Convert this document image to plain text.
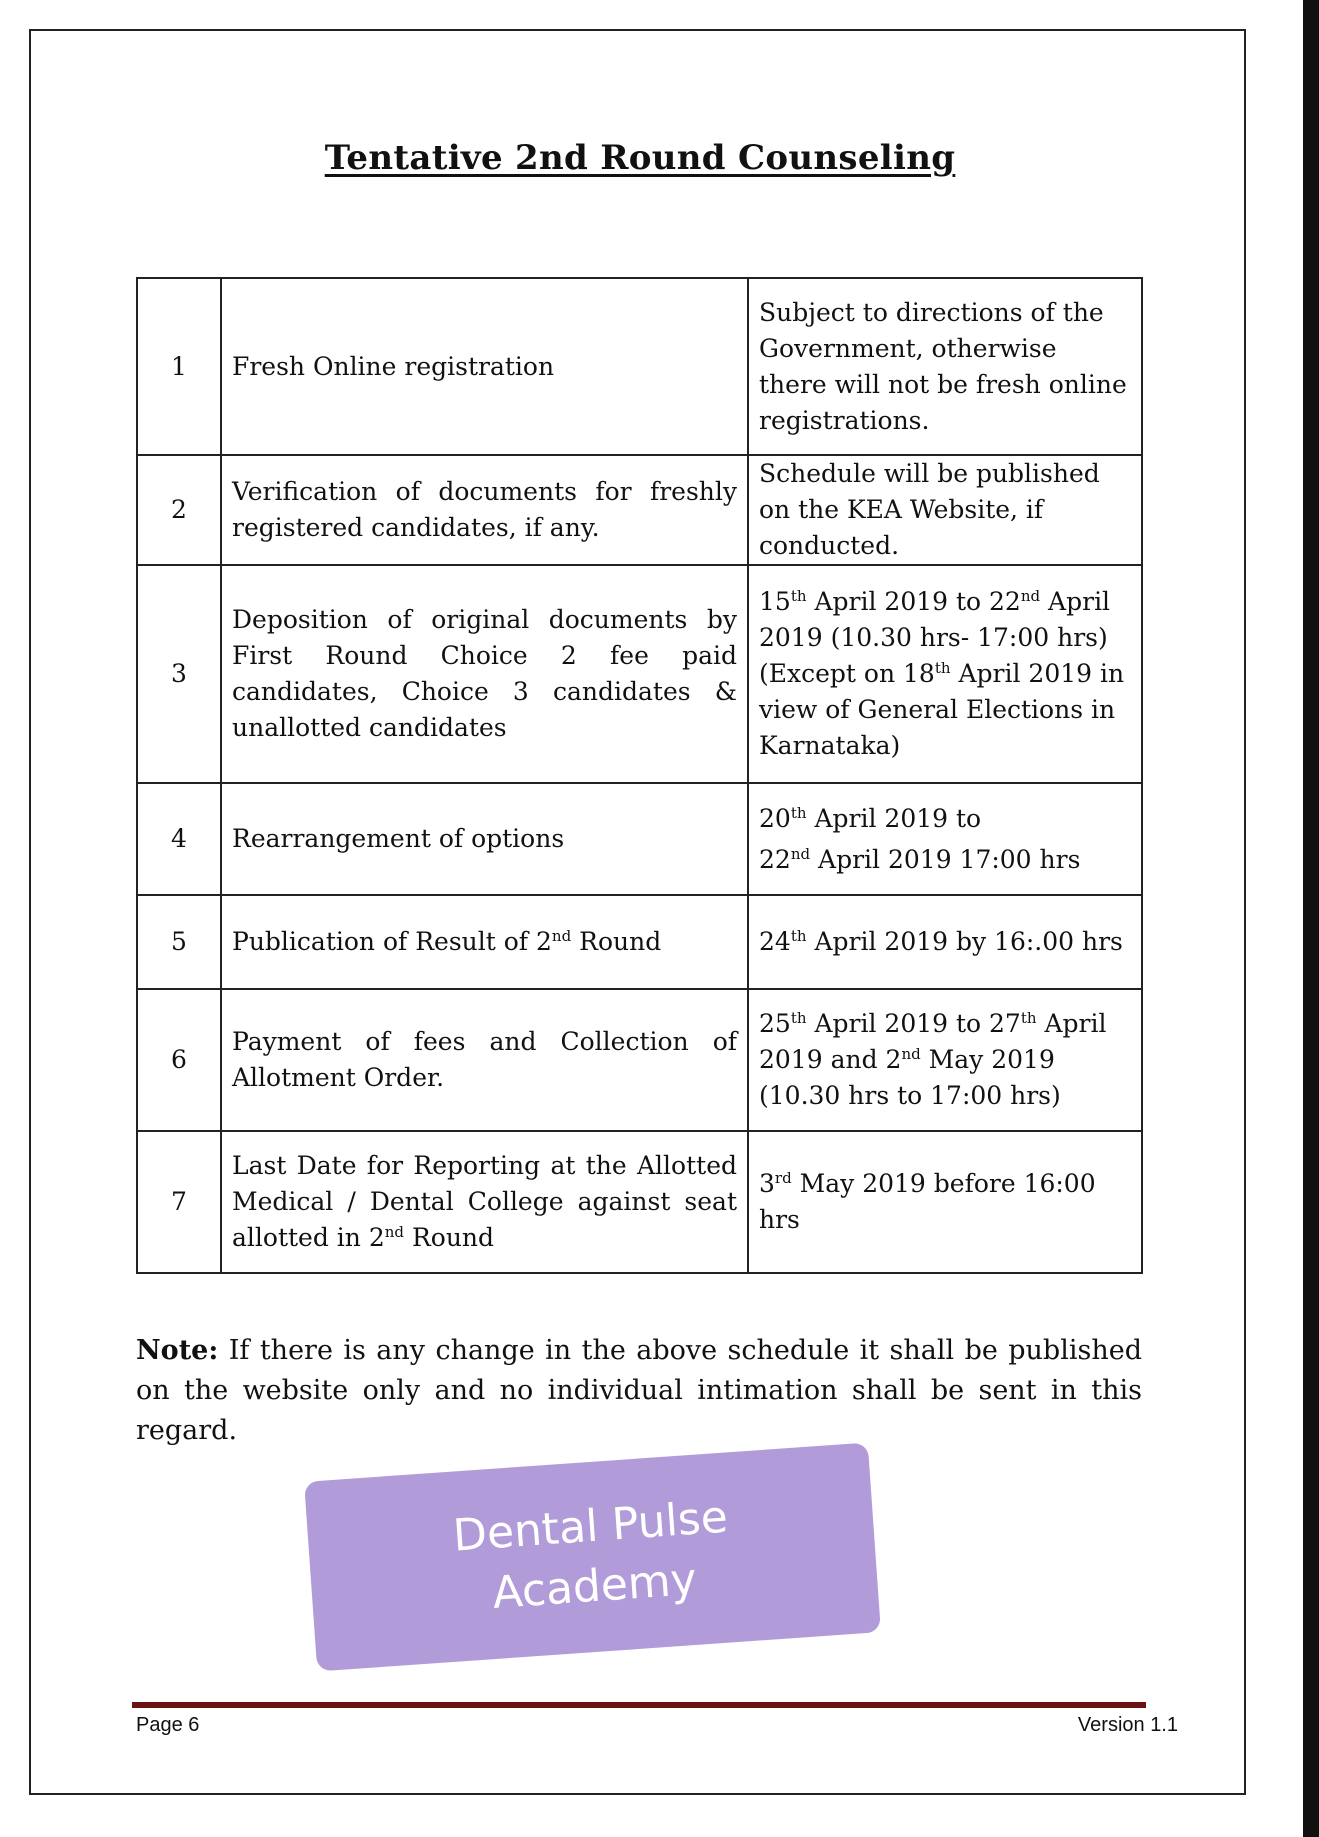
Tentative 2nd Round Counseling
1	Fresh Online registration	Subject to directions of the Government, otherwise there will not be fresh online registrations.
2	Verification of documents for freshly registered candidates, if any.	Schedule will be published on the KEA Website, if conducted.
3	Deposition of original documents by First Round Choice 2 fee paid candidates, Choice 3 candidates & unallotted candidates	15th April 2019 to 22nd April 2019 (10.30 hrs- 17:00 hrs) (Except on 18th April 2019 in view of General Elections in Karnataka)
4	Rearrangement of options	20th April 2019 to
22nd April 2019 17:00 hrs
5	Publication of Result of 2nd Round	24th April 2019 by 16:.00 hrs
6	Payment of fees and Collection of Allotment Order.	25th April 2019 to 27th April 2019 and 2nd May 2019 (10.30 hrs to 17:00 hrs)
7	Last Date for Reporting at the Allotted Medical / Dental College against seat allotted in 2nd Round	3rd May 2019 before 16:00 hrs
Note: If there is any change in the above schedule it shall be published on the website only and no individual intimation shall be sent in this regard.
Dental Pulse
Academy
Page 6	Version 1.1
